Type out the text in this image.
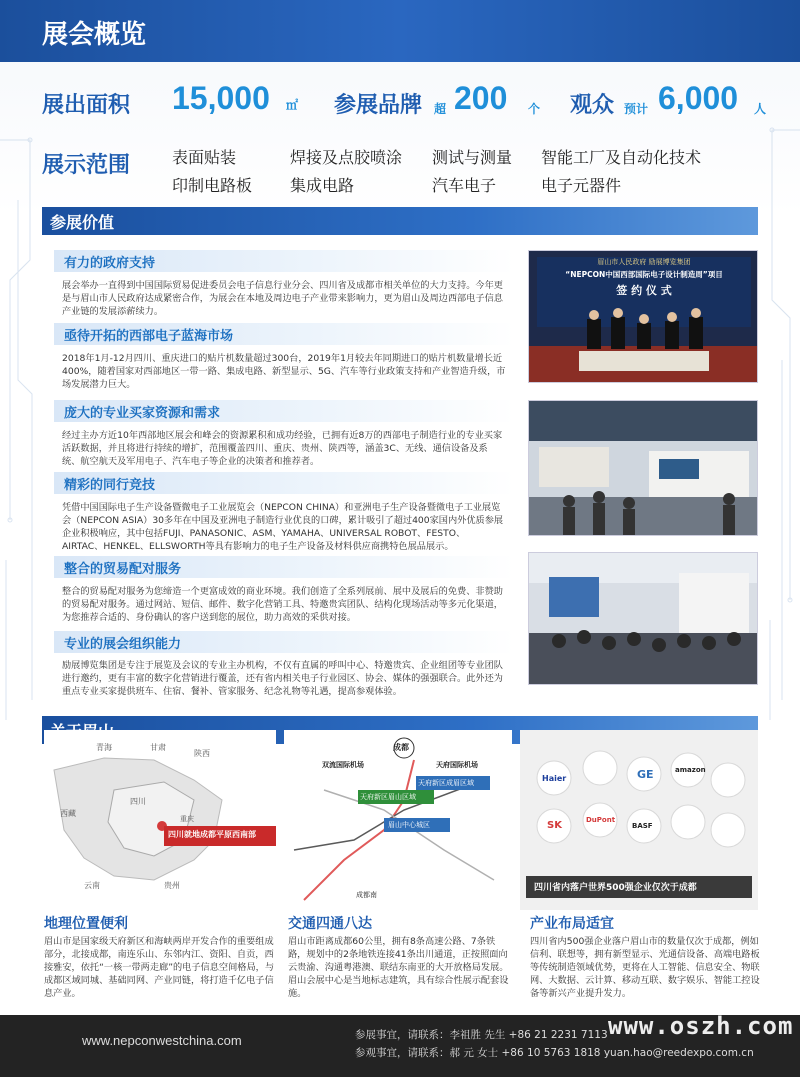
展会概览
展出面积 15,000 ㎡ 参展品牌 超 200 个 观众 预计 6,000 人
展示范围	表面贴装	焊接及点胶喷涂 测试与测量 智能工厂及自动化技术
印制电路板 集成电路	汽车电子	电子元器件
参展价值
有力的政府支持
展会举办一直得到中国国际贸易促进委员会电子信息行业分会、四川省及成都市相关单位的大力支持。今年更是与眉山市人民政府达成紧密合作，为展会在本地及周边电子产业带来影响力，更为眉山及周边西部电子信息产业链的发展添薪续力。
亟待开拓的西部电子蓝海市场
2018年1月-12月四川、重庆进口的贴片机数量超过300台，2019年1月较去年同期进口的贴片机数量增长近400%，随着国家对西部地区一带一路、集成电路、新型显示、5G、汽车等行业政策支持和产业智造升级，市场发展潜力巨大。
庞大的专业买家资源和需求
经过主办方近10年西部地区展会和峰会的资源累积和成功经验，已拥有近8万的西部电子制造行业的专业买家活跃数据，并且将进行持续的增扩，范围覆盖四川、重庆、贵州、陕西等，涵盖3C、无线、通信设备及系统、航空航天及军用电子、汽车电子等企业的决策者和推荐者。
精彩的同行竞技
凭借中国国际电子生产设备暨微电子工业展览会（NEPCON CHINA）和亚洲电子生产设备暨微电子工业展览会（NEPCON ASIA）30多年在中国及亚洲电子制造行业优良的口碑，累计吸引了超过400家国内外优质参展企业积极响应，其中包括FUJI、PANASONIC、ASM、YAMAHA、UNIVERSAL ROBOT、FESTO、AIRTAC、HENKEL、ELLSWORTH等具有影响力的电子生产设备及材料供应商携特色展品展示。
整合的贸易配对服务
整合的贸易配对服务为您缔造一个更富成效的商业环境。我们创造了全系列展前、展中及展后的免费、非赞助的贸易配对服务。通过网站、短信、邮件、数字化营销工具、特邀贵宾团队、结构化现场活动等多元化渠道，为您推荐合适的、身份确认的客户送到您的展位，助力高效的采供对接。
专业的展会组织能力
励展博览集团是专注于展览及会议的专业主办机构，不仅有直属的呼叫中心、特邀贵宾、企业组团等专业团队进行邀约，更有丰富的数字化营销进行覆盖，还有省内相关电子行业园区、协会、媒体的强强联合。此外还为重点专业买家提供班车、住宿、餐补、管家服务、纪念礼物等礼遇，提高参观体验。
眉山市人民政府 励展博览集团
“NEPCON中国西部国际电子设计制造周”项目
签 约 仪 式
青海	甘肃
陕西
西藏
四川
重庆
云南	贵州
四川就地成都平原西南部
成都
双流国际机场	天府国际机场
天府新区眉山区域
天府新区成眉区域
眉山中心城区
成都南
Haier	GE	amazon
SK	DuPont
BASF
四川省内落户世界500强企业仅次于成都
地理位置便利
眉山市是国家级天府新区和海峡两岸开发合作的重要组成部分，北接成都，南连乐山、东邻内江、资阳、自贡，西接雅安，依托“一核一带两走廊”的电子信息空间格局，与成都区域同城、基础同网、产业同链，将打造千亿电子信息产业。
交通四通八达
眉山市距离成都60公里，拥有8条高速公路、7条铁路，规划中的2条地铁连接41条出川通道，正按照面向云贵渝、沟通粤港澳、联结东南亚的大开放格局发展。眉山会展中心是当地标志建筑，具有综合性展示配套设施。
产业布局适宜
四川省内500强企业落户眉山市的数量仅次于成都，例如信利、联想等，拥有新型显示、光通信设备、高端电路板等传统制造领域优势，更将在人工智能、信息安全、物联网、大数据、云计算、移动互联、数字娱乐、智能工控设备等新兴产业提升发力。
www.nepconwestchina.com	参展事宜，请联系：李祖胜 先生 +86 21 2231 7113
参观事宜，请联系：郝 元 女士 +86 10 5763 1818 yuan.hao@reedexpo.com.cn
www.oszh.com
